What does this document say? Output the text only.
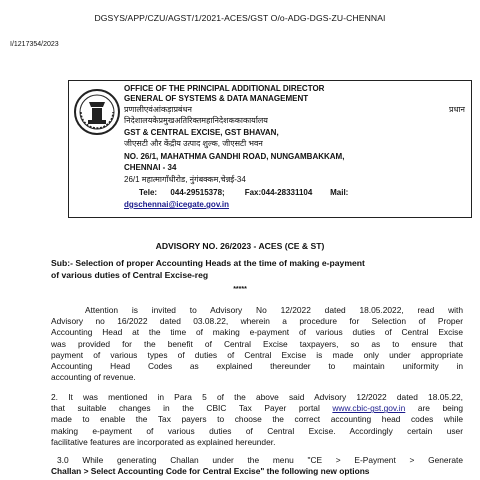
DGSYS/APP/CZU/AGST/1/2021-ACES/GST O/o-ADG-DGS-ZU-CHENNAI
I/1217354/2023
OFFICE OF THE PRINCIPAL ADDITIONAL DIRECTOR
GENERAL OF SYSTEMS & DATA MANAGEMENT
प्रणालीएवंआंकड़ाप्रबंधन	प्रधान
निदेशालयकेप्रमुखअतिरिक्तमहानिदेशककाकार्यालय
GST & CENTRAL EXCISE, GST BHAVAN,
जीएसटी और केंद्रीय उत्पाद शुल्क, जीएसटी भवन
NO. 26/1, MAHATHMA GANDHI ROAD, NUNGAMBAKKAM,
CHENNAI - 34
26/1 महात्मागाँधीरोड, नुंगंबक्कम,चेन्नई-34
Tele: 044-29515378;	Fax:044-28331104 Mail:
dgschennai@icegate.gov.in
ADVISORY NO. 26/2023 - ACES (CE & ST)
Sub:- Selection of proper Accounting Heads at the time of making e-payment
of various duties of Central Excise-reg
*****
Attention is invited to Advisory No 12/2022 dated 18.05.2022, read with
Advisory no 16/2022 dated 03.08.22, wherein a procedure for Selection of Proper
Accounting Head at the time of making e-payment of various duties of Central Excise
was provided for the benefit of Central Excise taxpayers, so as to ensure that
payment of various types of duties of Central Excise is made only under appropriate
Accounting Head Codes as explained thereunder to maintain uniformity in
accounting of revenue.
2. It was mentioned in Para 5 of the above said Advisory 12/2022 dated 18.05.22,
that suitable changes in the CBIC Tax Payer portal www.cbic-gst.gov.in are being
made to enable the Tax payers to choose the correct accounting head codes while
making e-payment of various duties of Central Excise. Accordingly certain user
facilitative features are incorporated as explained hereunder.
3.0 While generating Challan under the menu "CE > E-Payment > Generate
Challan > Select Accounting Code for Central Excise" the following new options
